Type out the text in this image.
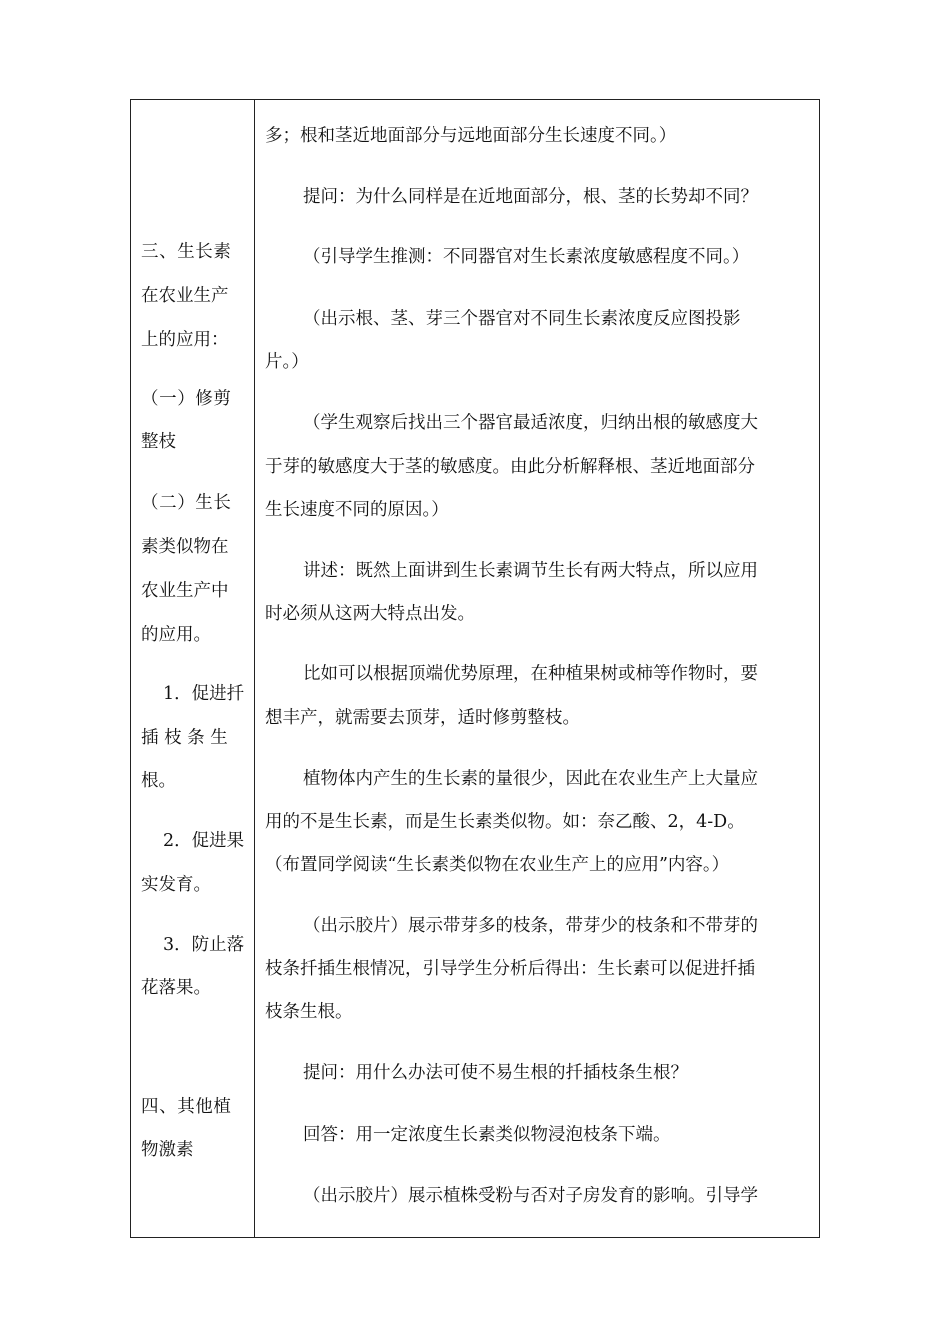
三、生长素
在农业生产
上的应用：
（一）修剪
整枝
（二）生长
素类似物在
农业生产中
的应用。
1．促进扦
插 枝 条 生
根。
2．促进果
实发育。
3．防止落
花落果。
四、其他植
物激素
多；根和茎近地面部分与远地面部分生长速度不同。）
提问：为什么同样是在近地面部分，根、茎的长势却不同？
（引导学生推测：不同器官对生长素浓度敏感程度不同。）
（出示根、茎、芽三个器官对不同生长素浓度反应图投影
片。）
（学生观察后找出三个器官最适浓度，归纳出根的敏感度大
于芽的敏感度大于茎的敏感度。由此分析解释根、茎近地面部分
生长速度不同的原因。）
讲述：既然上面讲到生长素调节生长有两大特点，所以应用
时必须从这两大特点出发。
比如可以根据顶端优势原理，在种植果树或柿等作物时，要
想丰产，就需要去顶芽，适时修剪整枝。
植物体内产生的生长素的量很少，因此在农业生产上大量应
用的不是生长素，而是生长素类似物。如：奈乙酸、2，4-D。
（布置同学阅读“生长素类似物在农业生产上的应用”内容。）
（出示胶片）展示带芽多的枝条，带芽少的枝条和不带芽的
枝条扦插生根情况，引导学生分析后得出：生长素可以促进扦插
枝条生根。
提问：用什么办法可使不易生根的扦插枝条生根？
回答：用一定浓度生长素类似物浸泡枝条下端。
（出示胶片）展示植株受粉与否对子房发育的影响。引导学
